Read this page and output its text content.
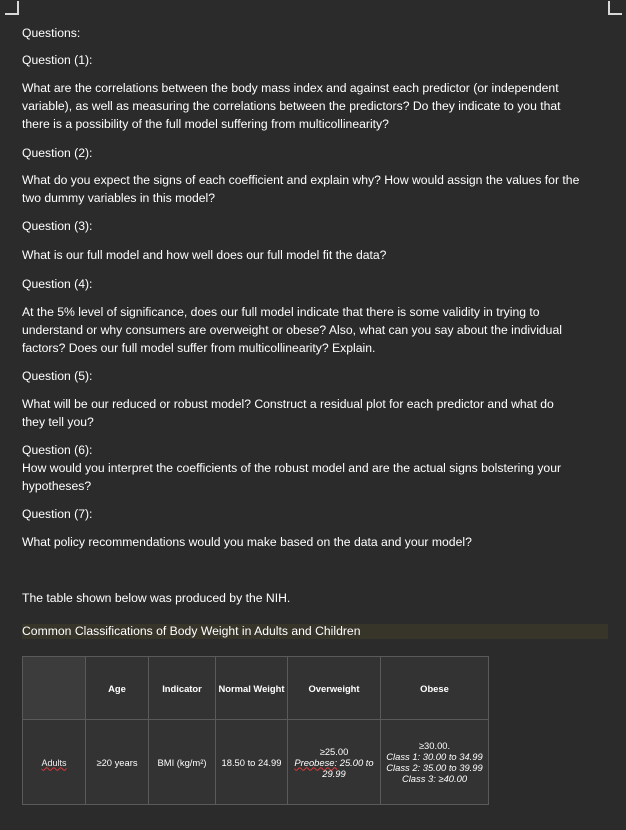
Questions:

Question (1):

What are the correlations between the body mass index and against each predictor (or independent

variable), as well as measuring the correlations between the predictors? Do they indicate to you that

there is a possibility of the full model suffering from multicollinearity?

Question (2):

What do you expect the signs of each coefficient and explain why? How would assign the values for the

two dummy variables in this model?

Question (3):

What is our full model and how well does our full model fit the data?

Question (4):

At the 5% level of significance, does our full model indicate that there is some validity in trying to

understand or why consumers are overweight or obese? Also, what can you say about the individual

factors? Does our full model suffer from multicollinearity? Explain.

Question (5):

What will be our reduced or robust model? Construct a residual plot for each predictor and what do

they tell you?

Question (6):

How would you interpret the coefficients of the robust model and are the actual signs bolstering your

hypotheses?

Question (7):

What policy recommendations would you make based on the data and your model?

The table shown below was produced by the NIH.

Common Classifications of Body Weight in Adults and Children
	Age	Indicator	Normal Weight	Overweight	Obese
Adults	≥20 years	BMI (kg/m²)	18.50 to 24.99	≥25.00
Preobese: 25.00 to
29.99	≥30.00.
Class 1: 30.00 to 34.99
Class 2: 35.00 to 39.99
Class 3: ≥40.00
